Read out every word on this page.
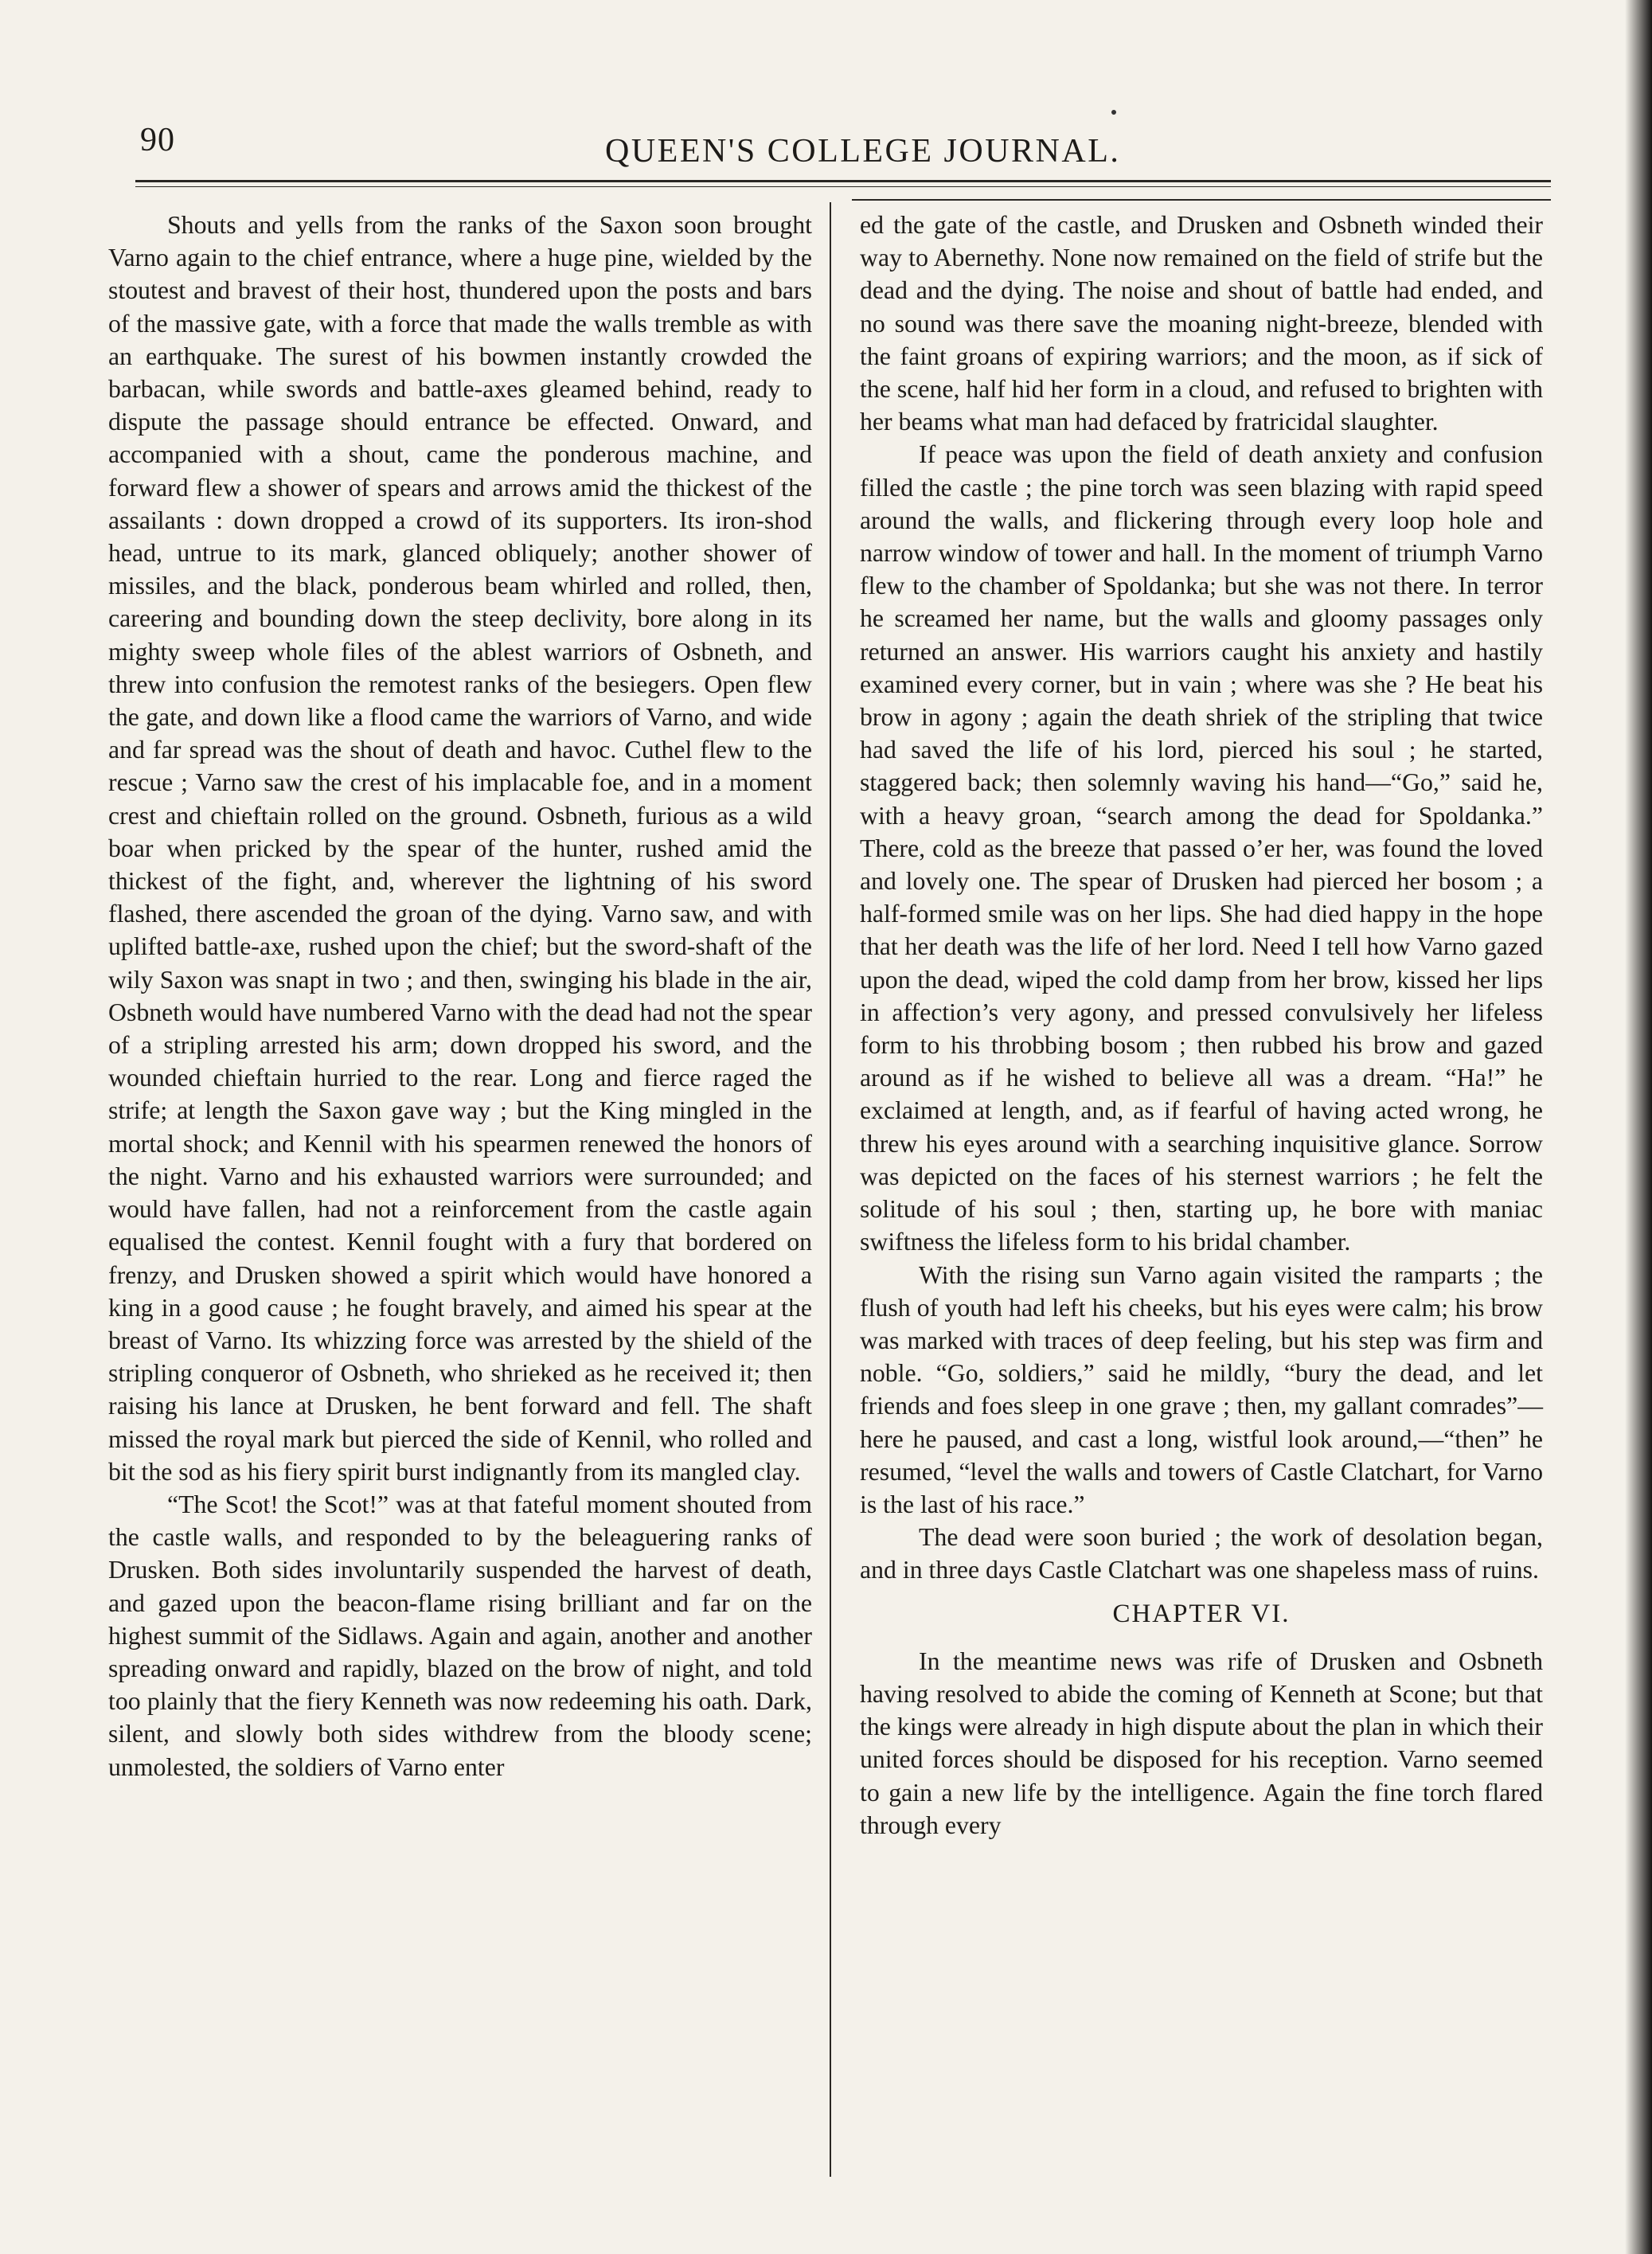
90	QUEEN'S COLLEGE JOURNAL.

Shouts and yells from the ranks of the Saxon soon brought Varno again to the chief entrance, where a huge pine, wielded by the stoutest and bravest of their host, thundered upon the posts and bars of the massive gate, with a force that made the walls tremble as with an earthquake. The surest of his bowmen instantly crowded the barbacan, while swords and battle-axes gleamed behind, ready to dispute the passage should entrance be effected. Onward, and accompanied with a shout, came the ponderous machine, and forward flew a shower of spears and arrows amid the thickest of the assailants : down dropped a crowd of its supporters. Its iron-shod head, untrue to its mark, glanced obliquely; another shower of missiles, and the black, ponderous beam whirled and rolled, then, careering and bounding down the steep declivity, bore along in its mighty sweep whole files of the ablest warriors of Osbneth, and threw into confusion the remotest ranks of the besiegers. Open flew the gate, and down like a flood came the warriors of Varno, and wide and far spread was the shout of death and havoc. Cuthel flew to the rescue ; Varno saw the crest of his implacable foe, and in a moment crest and chieftain rolled on the ground. Osbneth, furious as a wild boar when pricked by the spear of the hunter, rushed amid the thickest of the fight, and, wherever the lightning of his sword flashed, there ascended the groan of the dying. Varno saw, and with uplifted battle-axe, rushed upon the chief; but the sword-shaft of the wily Saxon was snapt in two ; and then, swinging his blade in the air, Osbneth would have numbered Varno with the dead had not the spear of a stripling arrested his arm; down dropped his sword, and the wounded chieftain hurried to the rear. Long and fierce raged the strife; at length the Saxon gave way ; but the King mingled in the mortal shock; and Kennil with his spearmen renewed the honors of the night. Varno and his exhausted warriors were surrounded; and would have fallen, had not a reinforcement from the castle again equalised the contest. Kennil fought with a fury that bordered on frenzy, and Drusken showed a spirit which would have honored a king in a good cause ; he fought bravely, and aimed his spear at the breast of Varno. Its whizzing force was arrested by the shield of the stripling conqueror of Osbneth, who shrieked as he received it; then raising his lance at Drusken, he bent forward and fell. The shaft missed the royal mark but pierced the side of Kennil, who rolled and bit the sod as his fiery spirit burst indignantly from its mangled clay.

“The Scot! the Scot!” was at that fateful moment shouted from the castle walls, and responded to by the beleaguering ranks of Drusken. Both sides involuntarily suspended the harvest of death, and gazed upon the beacon-flame rising brilliant and far on the highest summit of the Sidlaws. Again and again, another and another spreading onward and rapidly, blazed on the brow of night, and told too plainly that the fiery Kenneth was now redeeming his oath. Dark, silent, and slowly both sides withdrew from the bloody scene; unmolested, the soldiers of Varno enter

ed the gate of the castle, and Drusken and Osbneth winded their way to Abernethy. None now remained on the field of strife but the dead and the dying. The noise and shout of battle had ended, and no sound was there save the moaning night-breeze, blended with the faint groans of expiring warriors; and the moon, as if sick of the scene, half hid her form in a cloud, and refused to brighten with her beams what man had defaced by fratricidal slaughter.

If peace was upon the field of death anxiety and confusion filled the castle ; the pine torch was seen blazing with rapid speed around the walls, and flickering through every loop hole and narrow window of tower and hall. In the moment of triumph Varno flew to the chamber of Spoldanka; but she was not there. In terror he screamed her name, but the walls and gloomy passages only returned an answer. His warriors caught his anxiety and hastily examined every corner, but in vain ; where was she ? He beat his brow in agony ; again the death shriek of the stripling that twice had saved the life of his lord, pierced his soul ; he started, staggered back; then solemnly waving his hand—“Go,” said he, with a heavy groan, “search among the dead for Spoldanka.” There, cold as the breeze that passed o’er her, was found the loved and lovely one. The spear of Drusken had pierced her bosom ; a half-formed smile was on her lips. She had died happy in the hope that her death was the life of her lord. Need I tell how Varno gazed upon the dead, wiped the cold damp from her brow, kissed her lips in affection’s very agony, and pressed convulsively her lifeless form to his throbbing bosom ; then rubbed his brow and gazed around as if he wished to believe all was a dream. “Ha!” he exclaimed at length, and, as if fearful of having acted wrong, he threw his eyes around with a searching inquisitive glance. Sorrow was depicted on the faces of his sternest warriors ; he felt the solitude of his soul ; then, starting up, he bore with maniac swiftness the lifeless form to his bridal chamber.

With the rising sun Varno again visited the ramparts ; the flush of youth had left his cheeks, but his eyes were calm; his brow was marked with traces of deep feeling, but his step was firm and noble. “Go, soldiers,” said he mildly, “bury the dead, and let friends and foes sleep in one grave ; then, my gallant comrades”—here he paused, and cast a long, wistful look around,—“then” he resumed, “level the walls and towers of Castle Clatchart, for Varno is the last of his race.”

The dead were soon buried ; the work of desolation began, and in three days Castle Clatchart was one shapeless mass of ruins.

CHAPTER VI.

In the meantime news was rife of Drusken and Osbneth having resolved to abide the coming of Kenneth at Scone; but that the kings were already in high dispute about the plan in which their united forces should be disposed for his reception. Varno seemed to gain a new life by the intelligence. Again the fine torch flared through every
